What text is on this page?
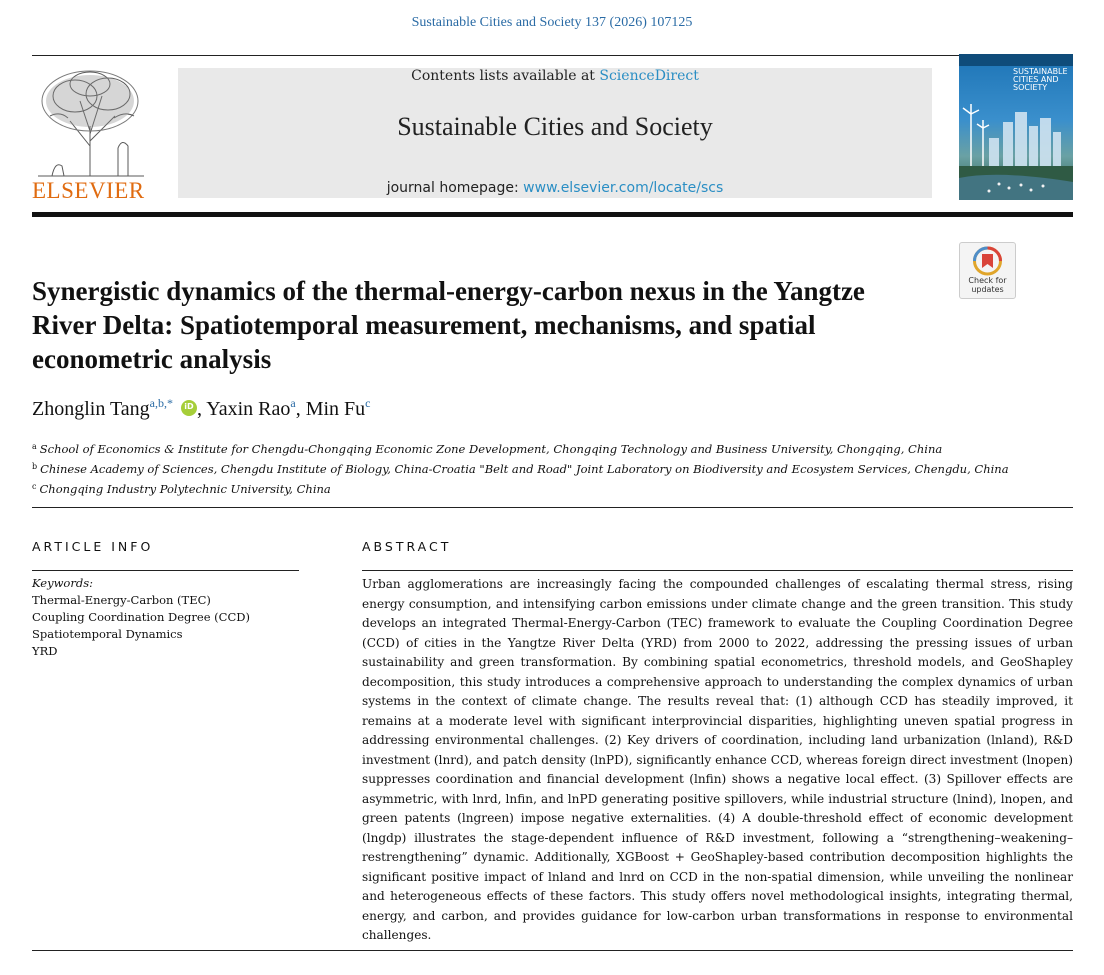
Sustainable Cities and Society 137 (2026) 107125
ELSEVIER
Contents lists available at ScienceDirect
Sustainable Cities and Society
journal homepage: www.elsevier.com/locate/scs
SUSTAINABLE CITIES AND SOCIETY
Check for updates
Synergistic dynamics of the thermal-energy-carbon nexus in the Yangtze River Delta: Spatiotemporal measurement, mechanisms, and spatial econometric analysis
Zhonglin Tang$^{a,b,*}$	iD , Yaxin Rao$^a$, Min Fu$^c$
$^a$ School of Economics & Institute for Chengdu-Chongqing Economic Zone Development, Chongqing Technology and Business University, Chongqing, China
$^b$ Chinese Academy of Sciences, Chengdu Institute of Biology, China-Croatia "Belt and Road" Joint Laboratory on Biodiversity and Ecosystem Services, Chengdu, China
$^c$ Chongqing Industry Polytechnic University, China
ARTICLE INFO	ABSTRACT
Keywords:
Thermal-Energy-Carbon (TEC)
Coupling Coordination Degree (CCD)
Spatiotemporal Dynamics
YRD

Urban agglomerations are increasingly facing the compounded challenges of escalating thermal stress, rising energy consumption, and intensifying carbon emissions under climate change and the green transition. This study develops an integrated Thermal-Energy-Carbon (TEC) framework to evaluate the Coupling Coordination Degree (CCD) of cities in the Yangtze River Delta (YRD) from 2000 to 2022, addressing the pressing issues of urban sustainability and green transformation. By combining spatial econometrics, threshold models, and GeoShapley decomposition, this study introduces a comprehensive approach to understanding the complex dynamics of urban systems in the context of climate change. The results reveal that: (1) although CCD has steadily improved, it remains at a moderate level with significant interprovincial disparities, highlighting uneven spatial progress in addressing environmental challenges. (2) Key drivers of coordination, including land urbanization (lnland), R&D investment (lnrd), and patch density (lnPD), significantly enhance CCD, whereas foreign direct investment (lnopen) suppresses coordination and financial development (lnfin) shows a negative local effect. (3) Spillover effects are asymmetric, with lnrd, lnfin, and lnPD generating positive spillovers, while industrial structure (lnind), lnopen, and green patents (lngreen) impose negative externalities. (4) A double-threshold effect of economic development (lngdp) illustrates the stage-dependent influence of R&D investment, following a “strengthening–weakening–restrengthening” dynamic. Additionally, XGBoost + GeoShapley-based contribution decomposition highlights the significant positive impact of lnland and lnrd on CCD in the non-spatial dimension, while unveiling the nonlinear and heterogeneous effects of these factors. This study offers novel methodological insights, integrating thermal, energy, and carbon, and provides guidance for low-carbon urban transformations in response to environmental challenges.
